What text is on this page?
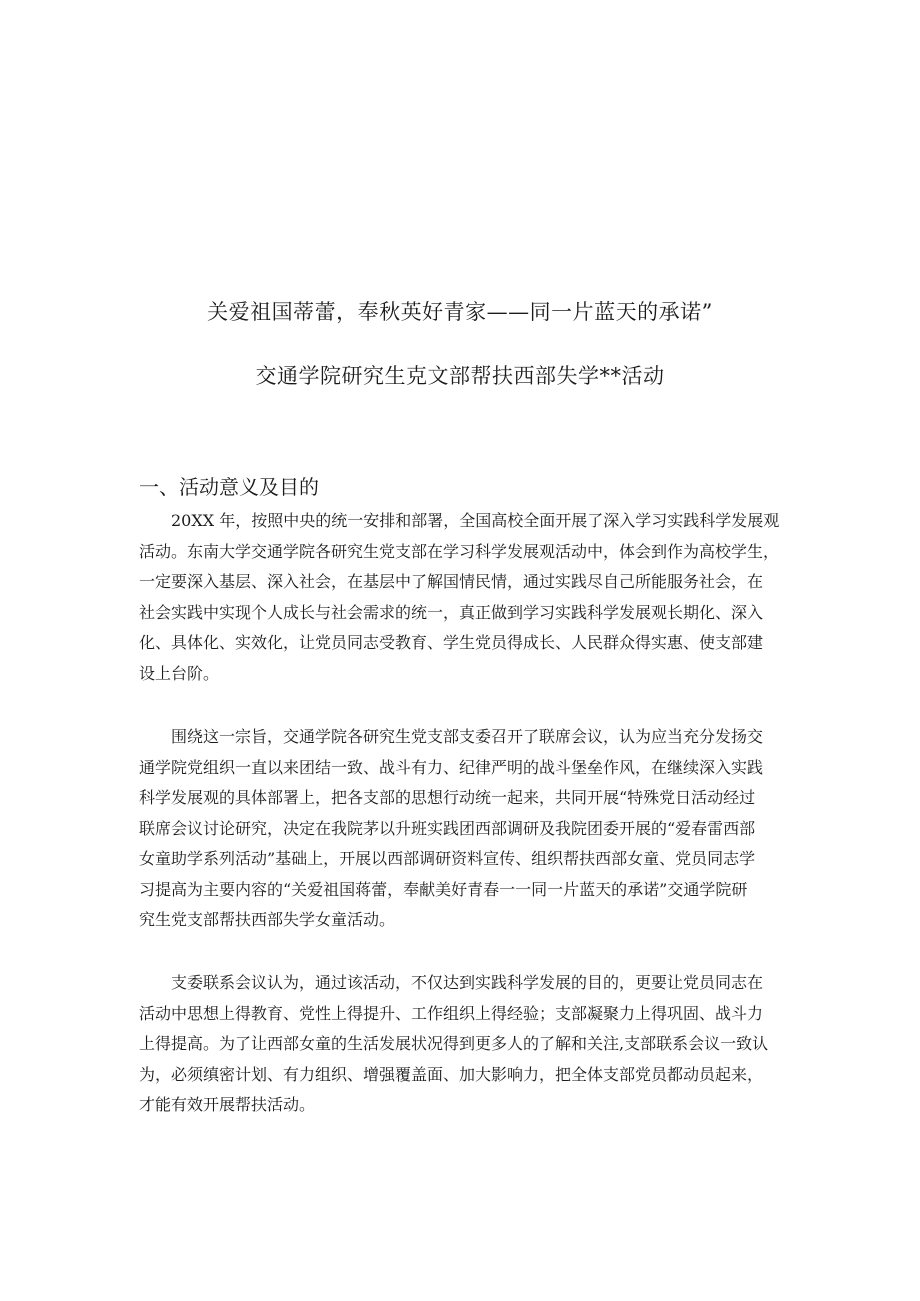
关爱祖国蒂蕾，奉秋英好青家——同一片蓝天的承诺”
交通学院研究生克文部帮扶西部失学**活动
一、活动意义及目的
20XX 年，按照中央的统一安排和部署，全国高校全面开展了深入学习实践科学发展观
活动。东南大学交通学院各研究生党支部在学习科学发展观活动中，体会到作为高校学生，
一定要深入基层、深入社会，在基层中了解国情民情，通过实践尽自己所能服务社会，在
社会实践中实现个人成长与社会需求的统一，真正做到学习实践科学发展观长期化、深入
化、具体化、实效化，让党员同志受教育、学生党员得成长、人民群众得实惠、使支部建
设上台阶。
围绕这一宗旨，交通学院各研究生党支部支委召开了联席会议，认为应当充分发扬交
通学院党组织一直以来团结一致、战斗有力、纪律严明的战斗堡垒作风，在继续深入实践
科学发展观的具体部署上，把各支部的思想行动统一起来，共同开展“特殊党日活动经过
联席会议讨论研究，决定在我院茅以升班实践团西部调研及我院团委开展的“爱春雷西部
女童助学系列活动”基础上，开展以西部调研资料宣传、组织帮扶西部女童、党员同志学
习提高为主要内容的“关爱祖国蒋蕾，奉献美好青春一一同一片蓝天的承诺”交通学院研
究生党支部帮扶西部失学女童活动。
支委联系会议认为，通过该活动，不仅达到实践科学发展的目的，更要让党员同志在
活动中思想上得教育、党性上得提升、工作组织上得经验；支部凝聚力上得巩固、战斗力
上得提高。为了让西部女童的生活发展状况得到更多人的了解和关注,支部联系会议一致认
为，必须缜密计划、有力组织、增强覆盖面、加大影响力，把全体支部党员都动员起来，
才能有效开展帮扶活动。
